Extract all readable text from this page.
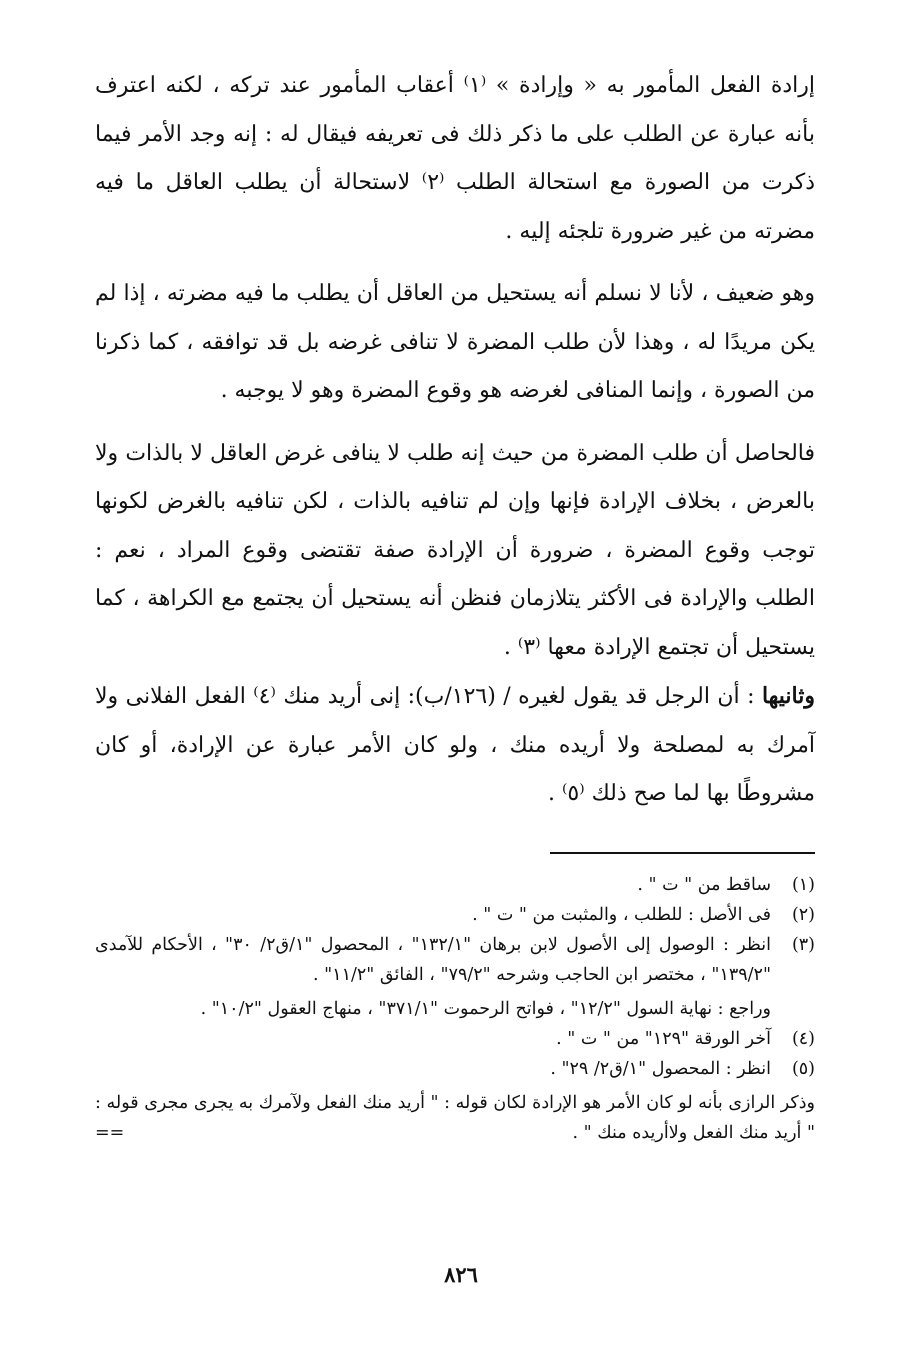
إرادة الفعل المأمور به « وإرادة » ⁽١⁾ أعقاب المأمور عند تركه ، لكنه اعترف بأنه عبارة عن الطلب على ما ذكر ذلك فى تعريفه فيقال له : إنه وجد الأمر فيما ذكرت من الصورة مع استحالة الطلب ⁽٢⁾ لاستحالة أن يطلب العاقل ما فيه مضرته من غير ضرورة تلجئه إليه .

وهو ضعيف ، لأنا لا نسلم أنه يستحيل من العاقل أن يطلب ما فيه مضرته ، إذا لم يكن مريدًا له ، وهذا لأن طلب المضرة لا تنافى غرضه بل قد توافقه ، كما ذكرنا من الصورة ، وإنما المنافى لغرضه هو وقوع المضرة وهو لا يوجبه .

فالحاصل أن طلب المضرة من حيث إنه طلب لا ينافى غرض العاقل لا بالذات ولا بالعرض ، بخلاف الإرادة فإنها وإن لم تنافيه بالذات ، لكن تنافيه بالغرض لكونها توجب وقوع المضرة ، ضرورة أن الإرادة صفة تقتضى وقوع المراد ، نعم : الطلب والإرادة فى الأكثر يتلازمان فنظن أنه يستحيل أن يجتمع مع الكراهة ، كما يستحيل أن تجتمع الإرادة معها ⁽٣⁾ .

وثانيها : أن الرجل قد يقول لغيره / (١٢٦/ب): إنى أريد منك ⁽٤⁾ الفعل الفلانى ولا آمرك به لمصلحة ولا أريده منك ، ولو كان الأمر عبارة عن الإرادة، أو كان مشروطًا بها لما صح ذلك ⁽٥⁾ .

(١)
ساقط من " ت " .
(٢)
فى الأصل : للطلب ، والمثبت من " ت " .
(٣)
انظر : الوصول إلى الأصول لابن برهان "١٣٢/١" ، المحصول "١/ق٢/ ٣٠" ، الأحكام للآمدى "١٣٩/٢" ، مختصر ابن الحاجب وشرحه "٧٩/٢" ، الفائق "١١/٢" .

وراجع : نهاية السول "١٢/٢" ، فواتح الرحموت "٣٧١/١" ، منهاج العقول "١٠/٢" .

(٤)
آخر الورقة "١٢٩" من " ت " .
(٥)
انظر : المحصول "١/ق٢/ ٢٩" .

وذكر الرازى بأنه لو كان الأمر هو الإرادة لكان قوله : " أريد منك الفعل ولآمرك به يجرى مجرى قوله : " أريد منك الفعل ولاأريده منك " .
==

٨٢٦
